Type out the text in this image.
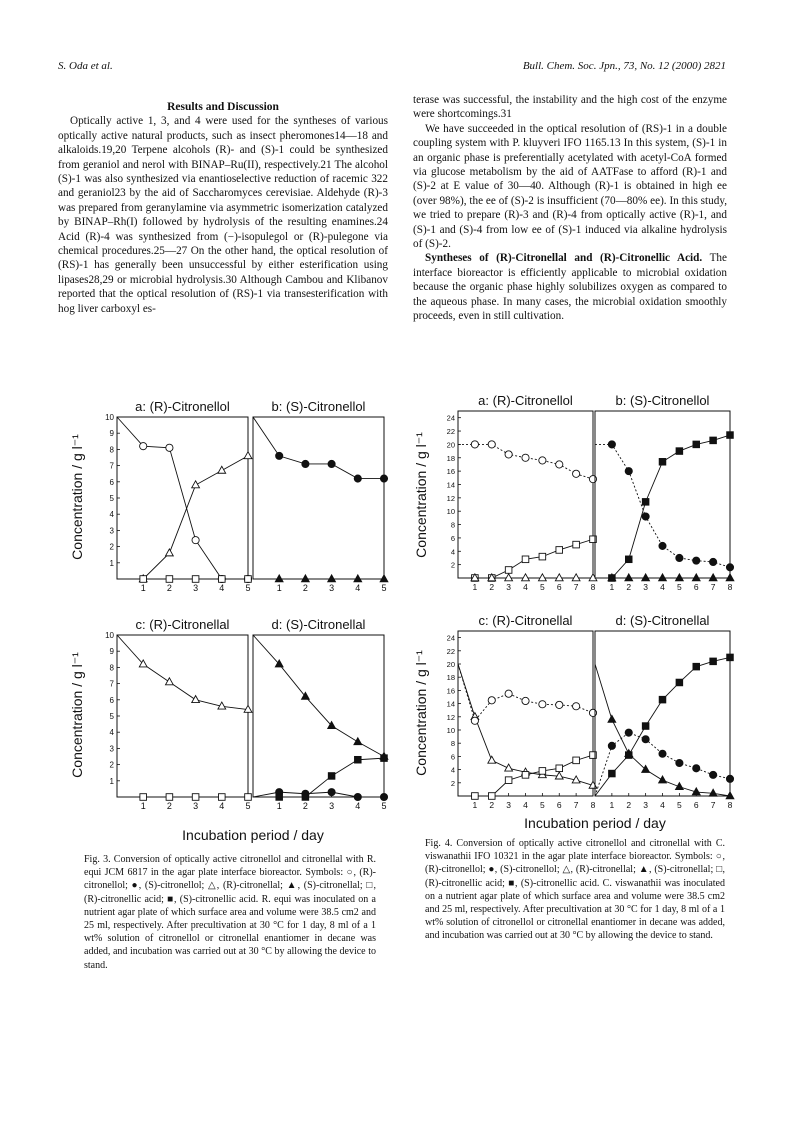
S. Oda et al.	Bull. Chem. Soc. Jpn., 73, No. 12 (2000) 2821

Results and Discussion

Optically active 1, 3, and 4 were used for the syntheses of various optically active natural products, such as insect pheromones14—18 and alkaloids.19,20 Terpene alcohols (R)- and (S)-1 could be synthesized from geraniol and nerol with BINAP–Ru(II), respectively.21 The alcohol (S)-1 was also synthesized via enantioselective reduction of racemic 322 and geraniol23 by the aid of Saccharomyces cerevisiae. Aldehyde (R)-3 was prepared from geranylamine via asymmetric isomerization catalyzed by BINAP–Rh(I) followed by hydrolysis of the resulting enamines.24 Acid (R)-4 was synthesized from (−)-isopulegol or (R)-pulegone via chemical procedures.25—27 On the other hand, the optical resolution of (RS)-1 has generally been unsuccessful by either esterification using lipases28,29 or microbial hydrolysis.30 Although Cambou and Klibanov reported that the optical resolution of (RS)-1 via transesterification with hog liver carboxyl es-

terase was successful, the instability and the high cost of the enzyme were shortcomings.31

We have succeeded in the optical resolution of (RS)-1 in a double coupling system with P. kluyveri IFO 1165.13 In this system, (S)-1 in an organic phase is preferentially acetylated with acetyl-CoA formed via glucose metabolism by the aid of AATFase to afford (R)-1 and (S)-2 at E value of 30—40. Although (R)-1 is obtained in high ee (over 98%), the ee of (S)-2 is insufficient (70—80% ee). In this study, we tried to prepare (R)-3 and (R)-4 from optically active (R)-1, and (S)-1 and (S)-4 from low ee of (S)-1 induced via alkaline hydrolysis of (S)-2.

Syntheses of (R)-Citronellal and (R)-Citronellic Acid. The interface bioreactor is efficiently applicable to microbial oxidation because the organic phase highly solubilizes oxygen as compared to the aqueous phase. In many cases, the microbial oxidation smoothly proceeds, even in still cultivation.

a: (R)-Citronellol
1 2 3 4 5
10
9
8
7
6
5
4
3
2
1
b: (S)-Citronellol
1 2 3 4 5
c: (R)-Citronellal
1 2 3 4 5
10
9
8
7
6
5
4
3
2
1
d: (S)-Citronellal
1 2 3 4 5
Concentration / g l⁻¹
Concentration / g l⁻¹
Incubation period / day
a: (R)-Citronellol
1 2 3 4 5 6 7 8
24
22
20
18
16
14
12
10
8
6
4
2
b: (S)-Citronellol
1 2 3 4 5 6 7 8
c: (R)-Citronellal
1 2 3 4 5 6 7 8
24
22
20
18
16
14
12
10
8
6
4
2
d: (S)-Citronellal
1 2 3 4 5 6 7 8
Concentration / g l⁻¹
Concentration / g l⁻¹
Incubation period / day
Fig. 3. Conversion of optically active citronellol and citronellal with R. equi JCM 6817 in the agar plate interface bioreactor. Symbols: ○, (R)-citronellol; ●, (S)-citronellol; △, (R)-citronellal; ▲, (S)-citronellal; □, (R)-citronellic acid; ■, (S)-citronellic acid. R. equi was inoculated on a nutrient agar plate of which surface area and volume were 38.5 cm2 and 25 ml, respectively. After precultivation at 30 °C for 1 day, 8 ml of a 1 wt% solution of citronellol or citronellal enantiomer in decane was added, and incubation was carried out at 30 °C by allowing the device to stand.
Fig. 4. Conversion of optically active citronellol and citronellal with C. viswanathii IFO 10321 in the agar plate interface bioreactor. Symbols: ○, (R)-citronellol; ●, (S)-citronellol; △, (R)-citronellal; ▲, (S)-citronellal; □, (R)-citronellic acid; ■, (S)-citronellic acid. C. viswanathii was inoculated on a nutrient agar plate of which surface area and volume were 38.5 cm2 and 25 ml, respectively. After precultivation at 30 °C for 1 day, 8 ml of a 1 wt% solution of citronellol or citronellal enantiomer in decane was added, and incubation was carried out at 30 °C by allowing the device to stand.
